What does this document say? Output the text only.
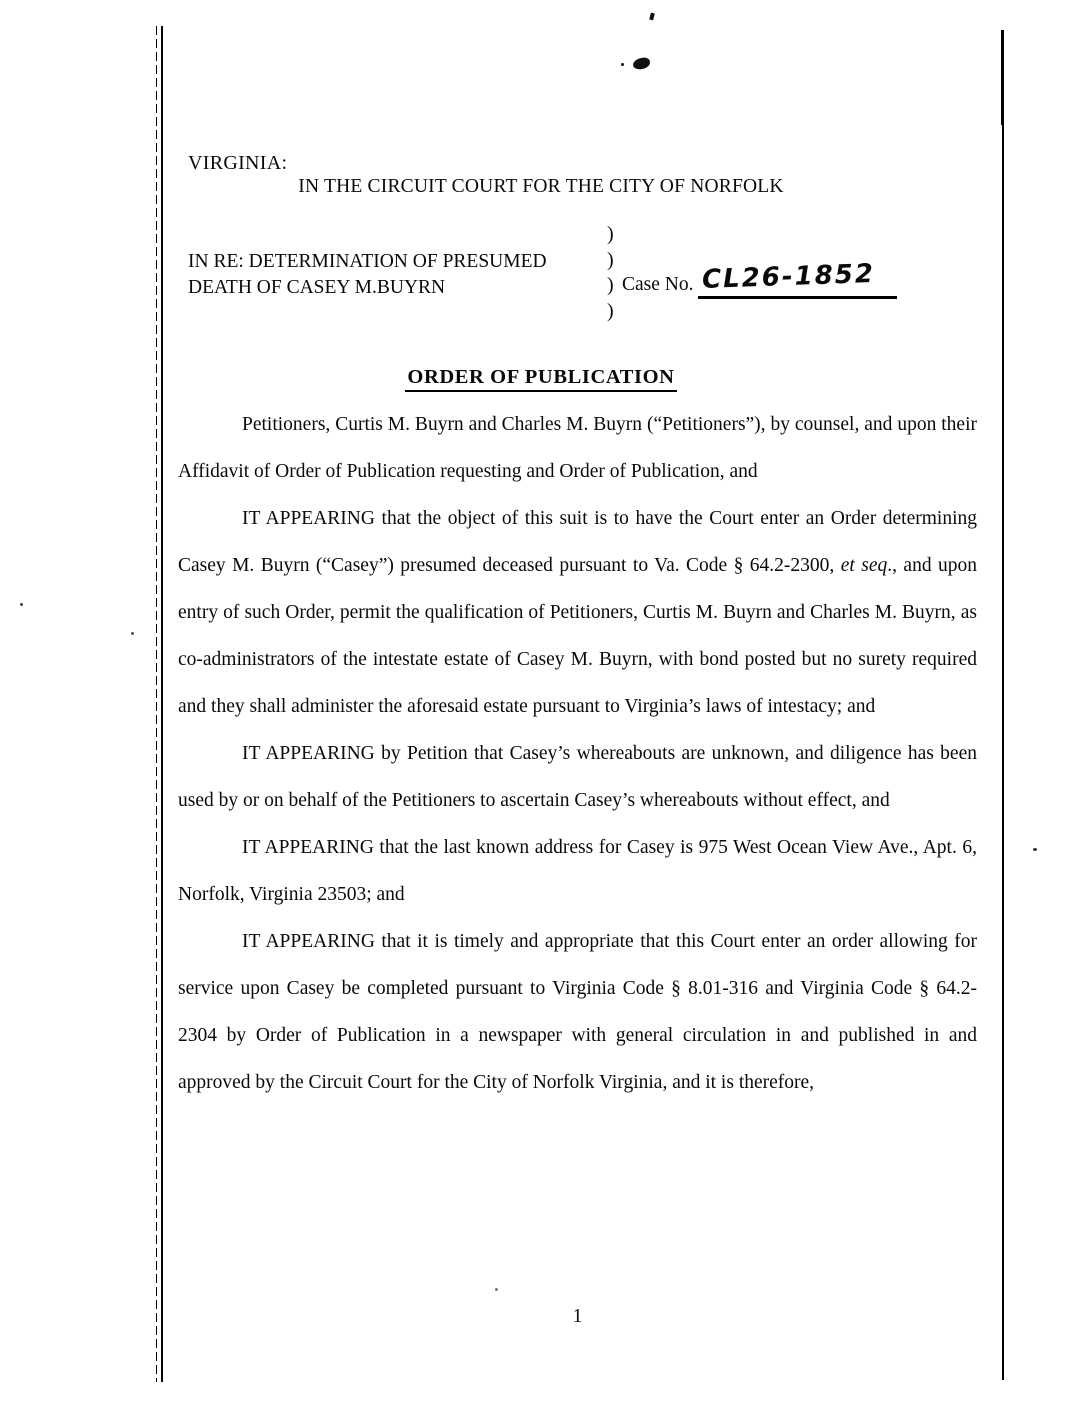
VIRGINIA:
IN THE CIRCUIT COURT FOR THE CITY OF NORFOLK
IN RE: DETERMINATION OF PRESUMED
DEATH OF CASEY M.BUYRN
)
)
)
)
Case No. CL26-1852
ORDER OF PUBLICATION

Petitioners, Curtis M. Buyrn and Charles M. Buyrn (“Petitioners”), by counsel, and upon their Affidavit of Order of Publication requesting and Order of Publication, and

IT APPEARING that the object of this suit is to have the Court enter an Order determining Casey M. Buyrn (“Casey”) presumed deceased pursuant to Va. Code § 64.2-2300, et seq., and upon entry of such Order, permit the qualification of Petitioners, Curtis M. Buyrn and Charles M. Buyrn, as co-administrators of the intestate estate of Casey M. Buyrn, with bond posted but no surety required and they shall administer the aforesaid estate pursuant to Virginia’s laws of intestacy; and

IT APPEARING by Petition that Casey’s whereabouts are unknown, and diligence has been used by or on behalf of the Petitioners to ascertain Casey’s whereabouts without effect, and

IT APPEARING that the last known address for Casey is 975 West Ocean View Ave., Apt. 6, Norfolk, Virginia 23503; and

IT APPEARING that it is timely and appropriate that this Court enter an order allowing for service upon Casey be completed pursuant to Virginia Code § 8.01-316 and Virginia Code § 64.2-2304 by Order of Publication in a newspaper with general circulation in and published in and approved by the Circuit Court for the City of Norfolk Virginia, and it is therefore,

1
